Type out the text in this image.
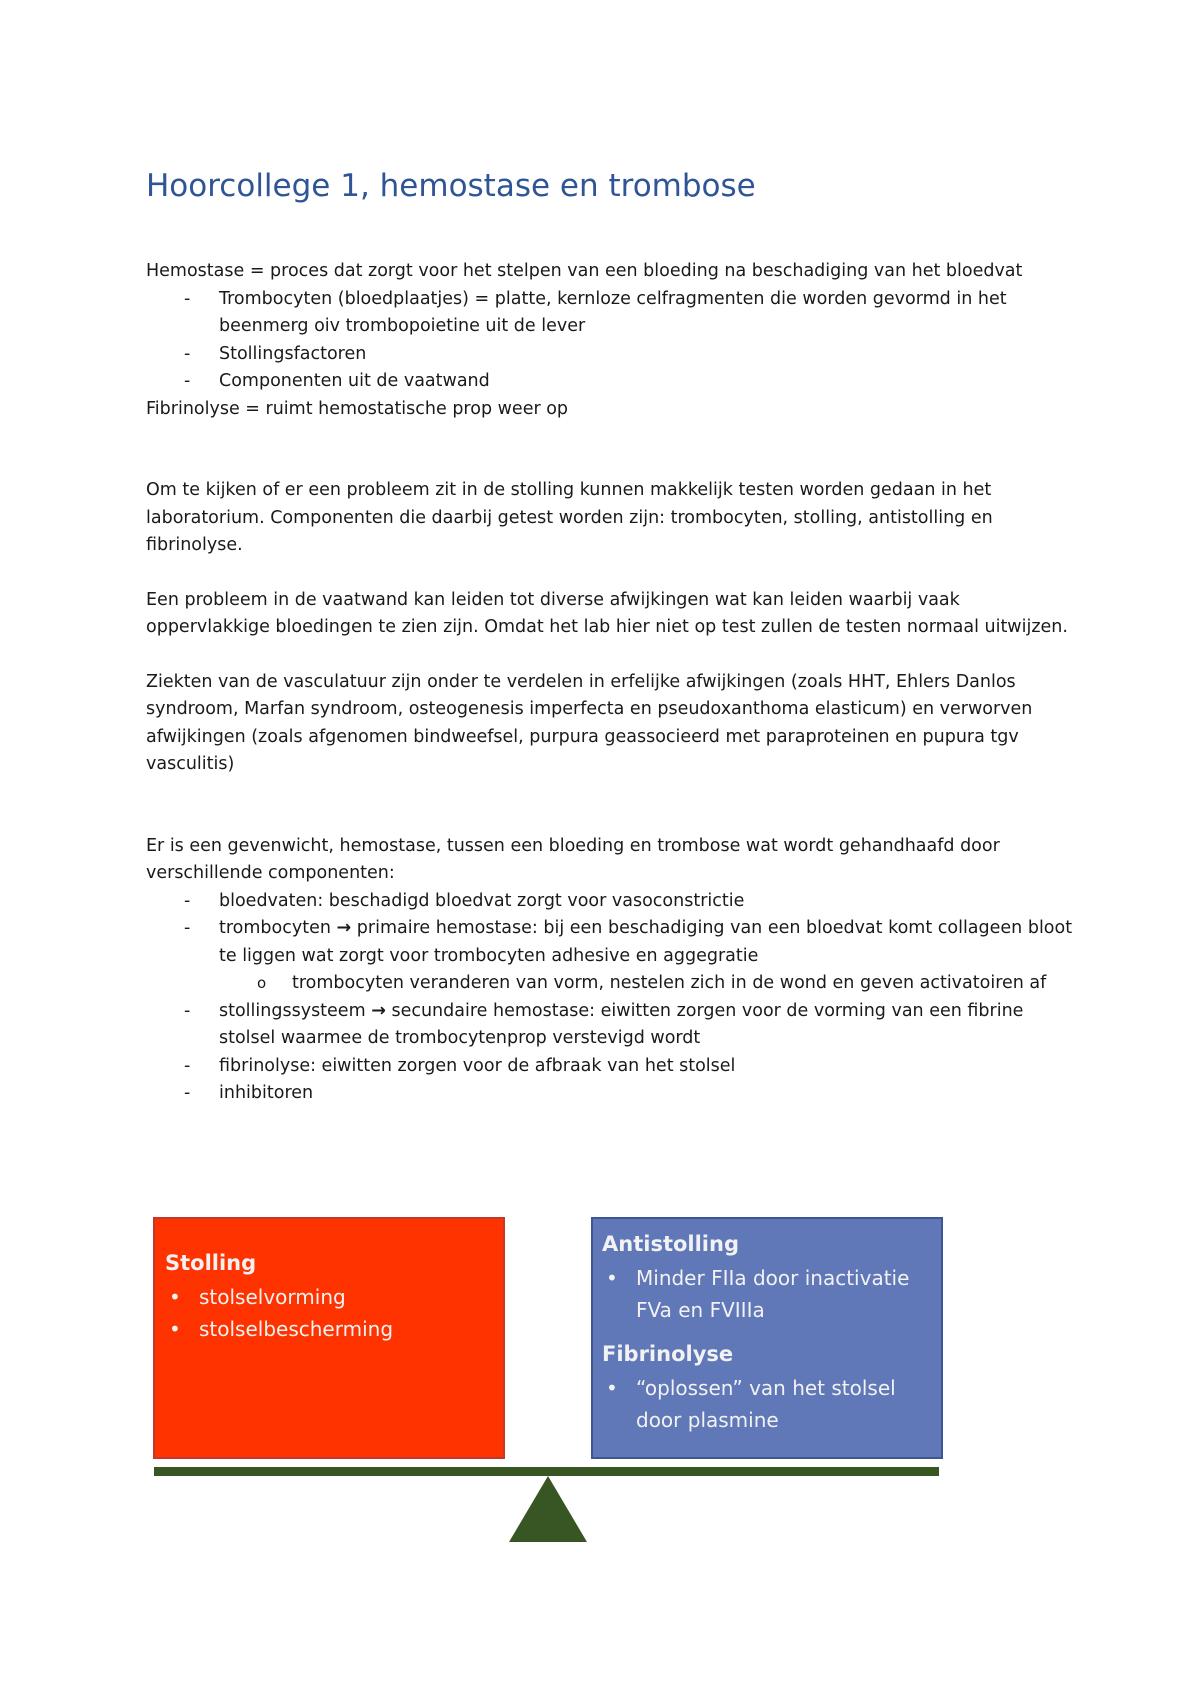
Hoorcollege 1, hemostase en trombose

Hemostase = proces dat zorgt voor het stelpen van een bloeding na beschadiging van het bloedvat

- Trombocyten (bloedplaatjes) = platte, kernloze celfragmenten die worden gevormd in het beenmerg oiv trombopoietine uit de lever
- Stollingsfactoren
- Componenten uit de vaatwand

Fibrinolyse = ruimt hemostatische prop weer op

Om te kijken of er een probleem zit in de stolling kunnen makkelijk testen worden gedaan in het laboratorium. Componenten die daarbij getest worden zijn: trombocyten, stolling, antistolling en fibrinolyse.

Een probleem in de vaatwand kan leiden tot diverse afwijkingen wat kan leiden waarbij vaak oppervlakkige bloedingen te zien zijn. Omdat het lab hier niet op test zullen de testen normaal uitwijzen.

Ziekten van de vasculatuur zijn onder te verdelen in erfelijke afwijkingen (zoals HHT, Ehlers Danlos syndroom, Marfan syndroom, osteogenesis imperfecta en pseudoxanthoma elasticum) en verworven afwijkingen (zoals afgenomen bindweefsel, purpura geassocieerd met paraproteinen en pupura tgv vasculitis)

Er is een gevenwicht, hemostase, tussen een bloeding en trombose wat wordt gehandhaafd door verschillende componenten:

- bloedvaten: beschadigd bloedvat zorgt voor vasoconstrictie
- trombocyten → primaire hemostase: bij een beschadiging van een bloedvat komt collageen bloot te liggen wat zorgt voor trombocyten adhesive en aggegratie
o trombocyten veranderen van vorm, nestelen zich in de wond en geven activatoiren af
- stollingssysteem → secundaire hemostase: eiwitten zorgen voor de vorming van een fibrine stolsel waarmee de trombocytenprop verstevigd wordt
- fibrinolyse: eiwitten zorgen voor de afbraak van het stolsel
- inhibitoren
Stolling
• stolselvorming
• stolselbescherming
Antistolling
• Minder FIIa door inactivatie FVa en FVIIIa
Fibrinolyse
• “oplossen” van het stolsel door plasmine
